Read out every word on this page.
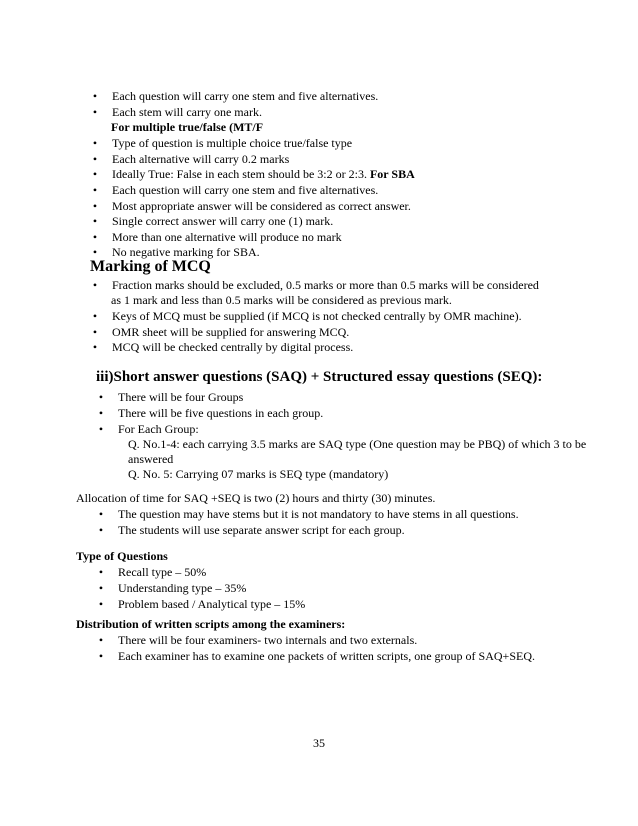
• Each question will carry one stem and five alternatives.
• Each stem will carry one mark.
For multiple true/false (MT/F
• Type of question is multiple choice true/false type
• Each alternative will carry 0.2 marks
• Ideally True: False in each stem should be 3:2 or 2:3. For SBA
• Each question will carry one stem and five alternatives.
• Most appropriate answer will be considered as correct answer.
• Single correct answer will carry one (1) mark.
• More than one alternative will produce no mark
• No negative marking for SBA.
Marking of MCQ
• Fraction marks should be excluded, 0.5 marks or more than 0.5 marks will be considered
as 1 mark and less than 0.5 marks will be considered as previous mark.
• Keys of MCQ must be supplied (if MCQ is not checked centrally by OMR machine).
• OMR sheet will be supplied for answering MCQ.
• MCQ will be checked centrally by digital process.
iii)Short answer questions (SAQ) + Structured essay questions (SEQ):
• There will be four Groups
• There will be five questions in each group.
• For Each Group:
Q. No.1-4: each carrying 3.5 marks are SAQ type (One question may be PBQ) of which 3 to be
answered
Q. No. 5: Carrying 07 marks is SEQ type (mandatory)
Allocation of time for SAQ +SEQ is two (2) hours and thirty (30) minutes.
• The question may have stems but it is not mandatory to have stems in all questions.
• The students will use separate answer script for each group.
Type of Questions
• Recall type – 50%
• Understanding type – 35%
• Problem based / Analytical type – 15%
Distribution of written scripts among the examiners:
• There will be four examiners- two internals and two externals.
• Each examiner has to examine one packets of written scripts, one group of SAQ+SEQ.
35
